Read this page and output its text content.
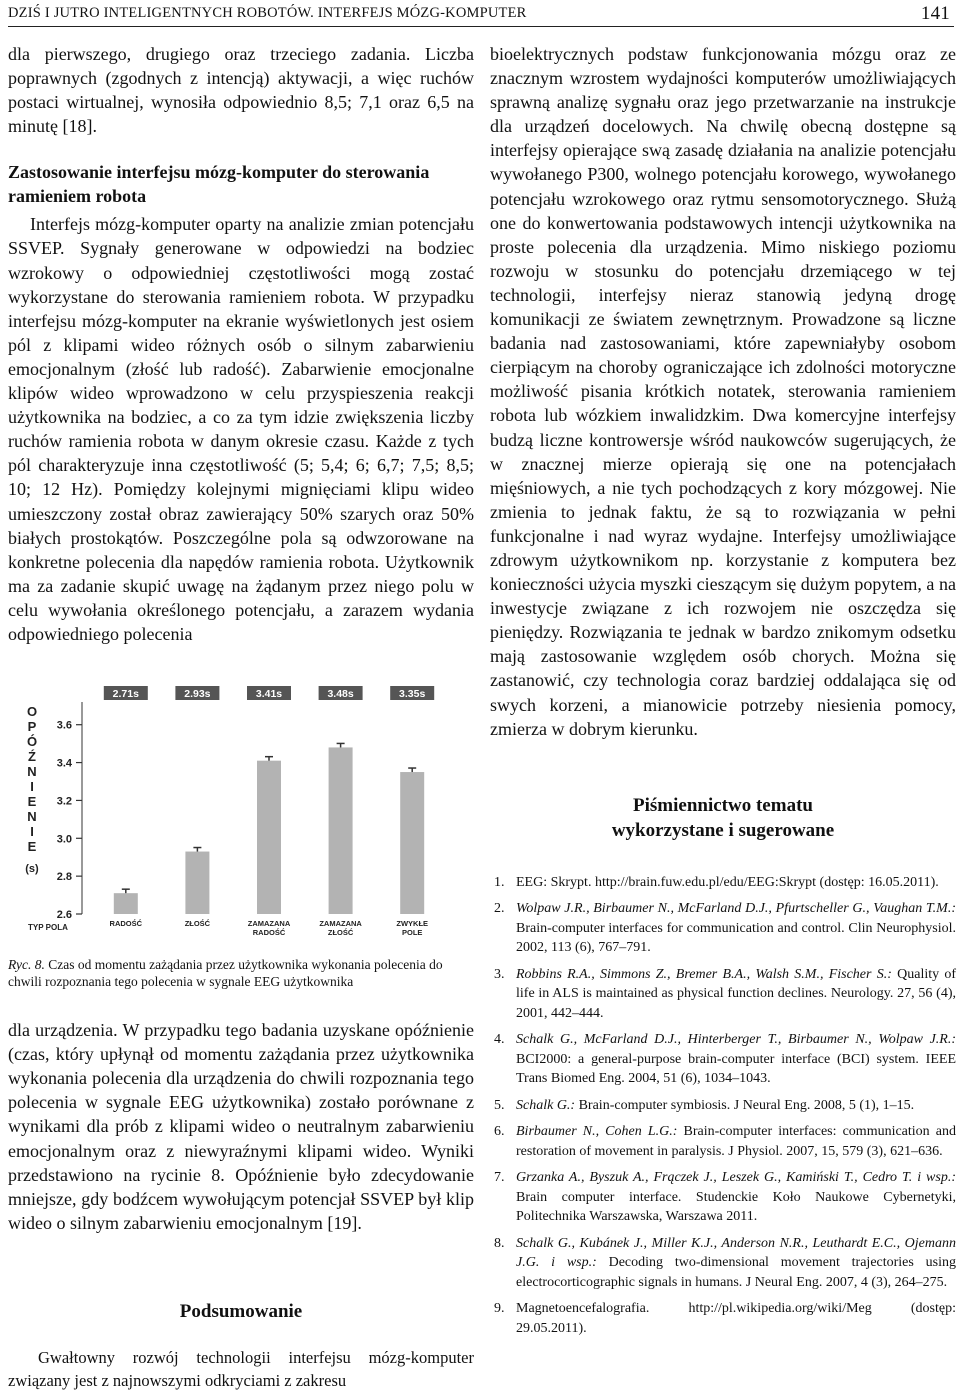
DZIŚ I JUTRO INTELIGENTNYCH ROBOTÓW. INTERFEJS MÓZG-KOMPUTER	141

dla pierwszego, drugiego oraz trzeciego zadania. Liczba poprawnych (zgodnych z intencją) aktywacji, a więc ruchów postaci wirtualnej, wynosiła odpowiednio 8,5; 7,1 oraz 6,5 na minutę [18].

Zastosowanie interfejsu mózg-komputer do sterowania ramieniem robota

Interfejs mózg-komputer oparty na analizie zmian potencjału SSVEP. Sygnały generowane w odpowiedzi na bodziec wzrokowy o odpowiedniej częstotliwości mogą zostać wykorzystane do sterowania ramieniem robota. W przypadku interfejsu mózg-komputer na ekranie wyświetlonych jest osiem pól z klipami wideo różnych osób o silnym zabarwieniu emocjonalnym (złość lub radość). Zabarwienie emocjonalne klipów wideo wprowadzono w celu przyspieszenia reakcji użytkownika na bodziec, a co za tym idzie zwiększenia liczby ruchów ramienia robota w danym okresie czasu. Każde z tych pól charakteryzuje inna częstotliwość (5; 5,4; 6; 6,7; 7,5; 8,5; 10; 12 Hz). Pomiędzy kolejnymi mignięciami klipu wideo umieszczony został obraz zawierający 50% szarych oraz 50% białych prostokątów. Poszczególne pola są odwzorowane na konkretne polecenia dla napędów ramienia robota. Użytkownik ma za zadanie skupić uwagę na żądanym przez niego polu w celu wywołania określonego potencjału, a zarazem wydania odpowiedniego polecenia

2.6
2.8
3.0
3.2
3.4
3.6
O
P
Ó
Ź
N
I
E
N
I
E
(s)
2.71s
RADOŚĆ
2.93s
ZŁOŚĆ
3.41s
ZAMAZANA
RADOŚĆ
3.48s
ZAMAZANA
ZŁOŚĆ
3.35s
ZWYKŁE
POLE
TYP POLA
Ryc. 8. Czas od momentu zażądania przez użytkownika wykonania polecenia do chwili rozpoznania tego polecenia w sygnale EEG użytkownika

dla urządzenia. W przypadku tego badania uzyskane opóźnienie (czas, który upłynął od momentu zażądania przez użytkownika wykonania polecenia dla urządzenia do chwili rozpoznania tego polecenia w sygnale EEG użytkownika) zostało porównane z wynikami dla prób z klipami wideo o neutralnym zabarwieniu emocjonalnym oraz z niewyraźnymi klipami wideo. Wyniki przedstawiono na rycinie 8. Opóźnienie było zdecydowanie mniejsze, gdy bodźcem wywołującym potencjał SSVEP był klip wideo o silnym zabarwieniu emocjonalnym [19].

Podsumowanie

Gwałtowny rozwój technologii interfejsu mózg-komputer związany jest z najnowszymi odkryciami z zakresu

bioelektrycznych podstaw funkcjonowania mózgu oraz ze znacznym wzrostem wydajności komputerów umożliwiających sprawną analizę sygnału oraz jego przetwarzanie na instrukcje dla urządzeń docelowych. Na chwilę obecną dostępne są interfejsy opierające swą zasadę działania na analizie potencjału wywołanego P300, wolnego potencjału korowego, wywołanego potencjału wzrokowego oraz rytmu sensomotorycznego. Służą one do konwertowania podstawowych intencji użytkownika na proste polecenia dla urządzenia. Mimo niskiego poziomu rozwoju w stosunku do potencjału drzemiącego w tej technologii, interfejsy nieraz stanowią jedyną drogę komunikacji ze światem zewnętrznym. Prowadzone są liczne badania nad zastosowaniami, które zapewniałyby osobom cierpiącym na choroby ograniczające ich zdolności motoryczne możliwość pisania krótkich notatek, sterowania ramieniem robota lub wózkiem inwalidzkim. Dwa komercyjne interfejsy budzą liczne kontrowersje wśród naukowców sugerujących, że w znacznej mierze opierają się one na potencjałach mięśniowych, a nie tych pochodzących z kory mózgowej. Nie zmienia to jednak faktu, że są to rozwiązania w pełni funkcjonalne i nad wyraz wydajne. Interfejsy umożliwiające zdrowym użytkownikom np. korzystanie z komputera bez konieczności użycia myszki cieszącym się dużym popytem, a na inwestycje związane z ich rozwojem nie oszczędza się pieniędzy. Rozwiązania te jednak w bardzo znikomym odsetku mają zastosowanie względem osób chorych. Można się zastanowić, czy technologia coraz bardziej oddalająca się od swych korzeni, a mianowicie potrzeby niesienia pomocy, zmierza w dobrym kierunku.

Piśmiennictwo tematu
wykorzystane i sugerowane
1. EEG: Skrypt. http://brain.fuw.edu.pl/edu/EEG:Skrypt (dostęp: 16.05.2011).
2. Wolpaw J.R., Birbaumer N., McFarland D.J., Pfurtscheller G., Vaughan T.M.: Brain-computer interfaces for communication and control. Clin Neurophysiol. 2002, 113 (6), 767–791.
3. Robbins R.A., Simmons Z., Bremer B.A., Walsh S.M., Fischer S.: Quality of life in ALS is maintained as physical function declines. Neurology. 27, 56 (4), 2001, 442–444.
4. Schalk G., McFarland D.J., Hinterberger T., Birbaumer N., Wolpaw J.R.: BCI2000: a general-purpose brain-computer interface (BCI) system. IEEE Trans Biomed Eng. 2004, 51 (6), 1034–1043.
5. Schalk G.: Brain-computer symbiosis. J Neural Eng. 2008, 5 (1), 1–15.
6. Birbaumer N., Cohen L.G.: Brain-computer interfaces: communication and restoration of movement in paralysis. J Physiol. 2007, 15, 579 (3), 621–636.
7. Grzanka A., Byszuk A., Frączek J., Leszek G., Kamiński T., Cedro T. i wsp.: Brain computer interface. Studenckie Koło Naukowe Cybernetyki, Politechnika Warszawska, Warszawa 2011.
8. Schalk G., Kubánek J., Miller K.J., Anderson N.R., Leuthardt E.C., Ojemann J.G. i wsp.: Decoding two-dimensional movement trajectories using electrocorticographic signals in humans. J Neural Eng. 2007, 4 (3), 264–275.
9. Magnetoencefalografia. http://pl.wikipedia.org/wiki/Meg (dostęp: 29.05.2011).
